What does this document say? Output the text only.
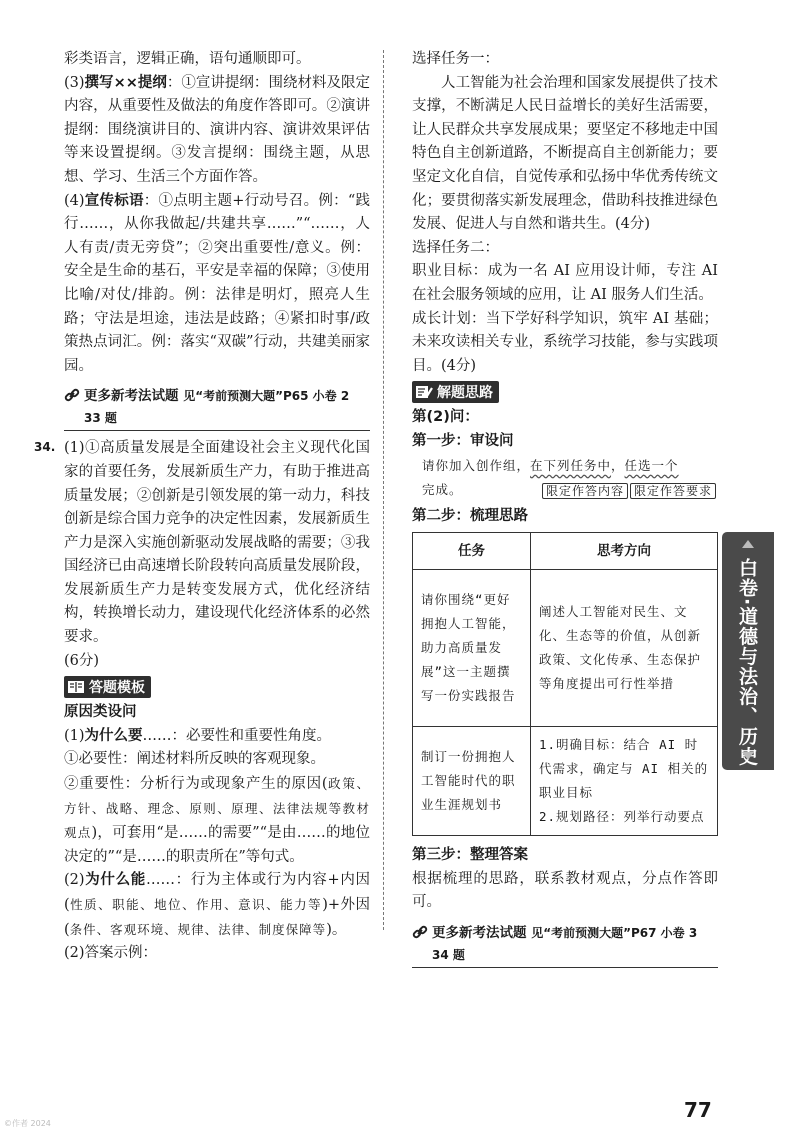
彩类语言，逻辑正确，语句通顺即可。

(3)撰写××提纲：①宣讲提纲：围绕材料及限定内容，从重要性及做法的角度作答即可。②演讲提纲：围绕演讲目的、演讲内容、演讲效果评估等来设置提纲。③发言提纲：围绕主题，从思想、学习、生活三个方面作答。

(4)宣传标语：①点明主题+行动号召。例：“践行……，从你我做起/共建共享……”“……，人人有责/责无旁贷”；②突出重要性/意义。例：安全是生命的基石，平安是幸福的保障；③使用比喻/对仗/排韵。例：法律是明灯，照亮人生路；守法是坦途，违法是歧路；④紧扣时事/政策热点词汇。例：落实“双碳”行动，共建美丽家园。

更多新考法试题 见“考前预测大题”P65 小卷 2
33 题
34. (1)①高质量发展是全面建设社会主义现代化国家的首要任务，发展新质生产力，有助于推进高质量发展；②创新是引领发展的第一动力，科技创新是综合国力竞争的决定性因素，发展新质生产力是深入实施创新驱动发展战略的需要；③我国经济已由高速增长阶段转向高质量发展阶段，发展新质生产力是转变发展方式，优化经济结构，转换增长动力，建设现代化经济体系的必然要求。

(6分)

答题模板

原因类设问

(1)为什么要……：必要性和重要性角度。

①必要性：阐述材料所反映的客观现象。

②重要性：分析行为或现象产生的原因(政策、方针、战略、理念、原则、原理、法律法规等教材观点)，可套用“是……的需要”“是由……的地位决定的”“是……的职责所在”等句式。

(2)为什么能……：行为主体或行为内容+内因(性质、职能、地位、作用、意识、能力等)+外因(条件、客观环境、规律、法律、制度保障等)。

(2)答案示例：

选择任务一：

人工智能为社会治理和国家发展提供了技术支撑，不断满足人民日益增长的美好生活需要，让人民群众共享发展成果；要坚定不移地走中国特色自主创新道路，不断提高自主创新能力；要坚定文化自信，自觉传承和弘扬中华优秀传统文化；要贯彻落实新发展理念，借助科技推进绿色发展、促进人与自然和谐共生。(4分)

选择任务二：

职业目标：成为一名 AI 应用设计师，专注 AI 在社会服务领域的应用，让 AI 服务人们生活。

成长计划：当下学好科学知识，筑牢 AI 基础；未来攻读相关专业，系统学习技能，参与实践项目。(4分)

解题思路

第(2)问：

第一步：审设问

请你加入创作组，在下列任务中，任选一个
完成。	限定作答内容 限定作答要求

第二步：梳理思路

任务	思考方向
请你围绕“更好拥抱人工智能，助力高质量发展”这一主题撰写一份实践报告	阐述人工智能对民生、文化、生态等的价值，从创新政策、文化传承、生态保护等角度提出可行性举措
制订一份拥抱人工智能时代的职业生涯规划书	1.明确目标：结合 AI 时代需求，确定与 AI 相关的职业目标
2.规划路径：列举行动要点

第三步：整理答案

根据梳理的思路，联系教材观点，分点作答即可。

更多新考法试题 见“考前预测大题”P67 小卷 3
34 题
白卷·道德与法治、历史
77
©作者 2024
